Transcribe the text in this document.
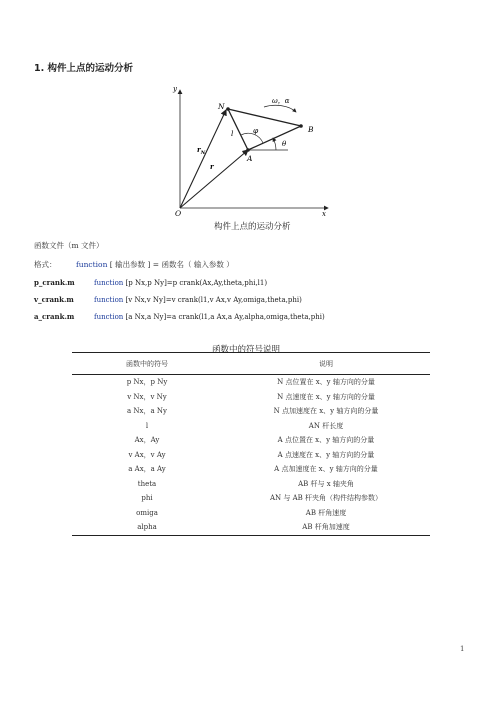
1. 构件上点的运动分析
y
x
O
N
A
B
ω，α
l	φ
θ
$r_N$
r
构件上点的运动分析
函数文件（m 文件）
格式：	function [ 输出参数 ] = 函数名（ 输入参数 ）
p_crank.m	function [p Nx,p Ny]=p crank(Ax,Ay,theta,phi,l1)
v_crank.m	function [v Nx,v Ny]=v crank(l1,v Ax,v Ay,omiga,theta,phi)
a_crank.m	function [a Nx,a Ny]=a crank(l1,a Ax,a Ay,alpha,omiga,theta,phi)
函数中的符号说明
函数中的符号	说明
p Nx，p Ny	N 点位置在 x、y 轴方向的分量
v Nx，v Ny	N 点速度在 x、y 轴方向的分量
a Nx，a Ny	N 点加速度在 x、y 轴方向的分量
l	AN 杆长度
Ax，Ay	A 点位置在 x、y 轴方向的分量
v Ax，v Ay	A 点速度在 x、y 轴方向的分量
a Ax，a Ay	A 点加速度在 x、y 轴方向的分量
theta	AB 杆与 x 轴夹角
phi	AN 与 AB 杆夹角（构件结构参数）
omiga	AB 杆角速度
alpha	AB 杆角加速度
1
